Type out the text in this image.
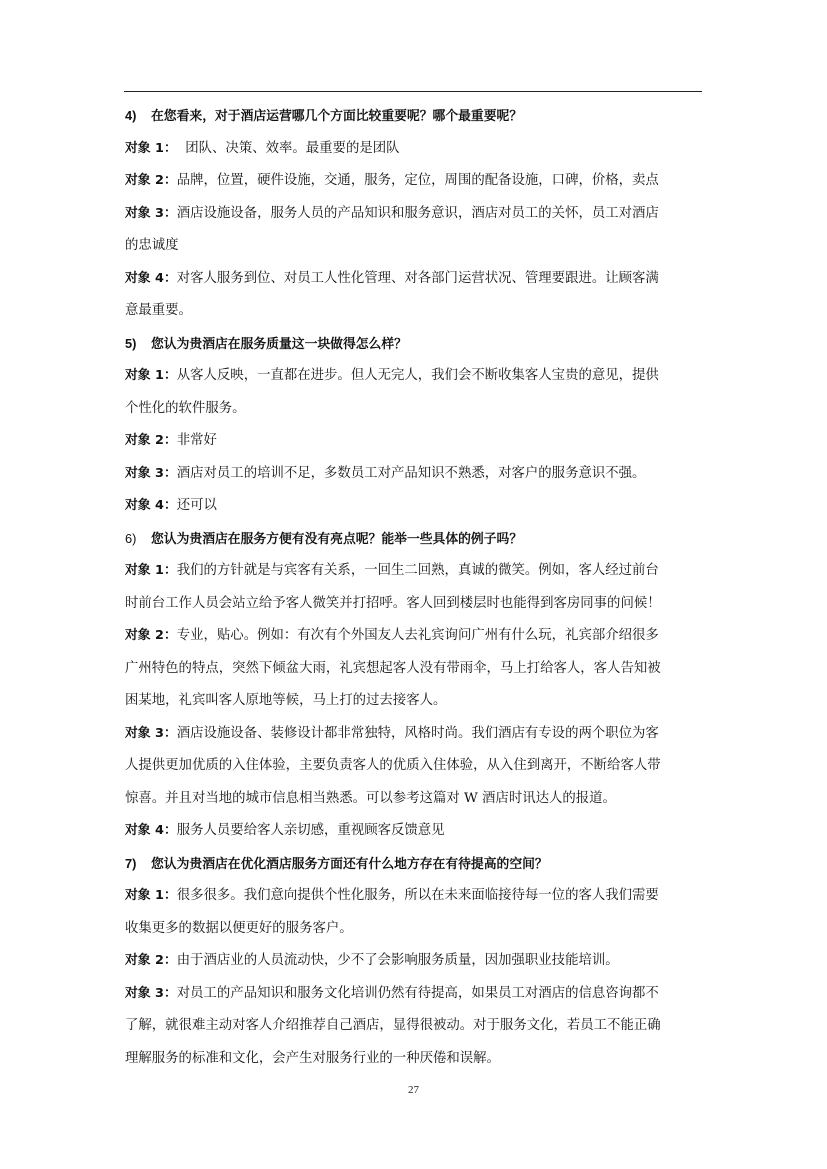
4) 在您看来，对于酒店运营哪几个方面比较重要呢？哪个最重要呢？
对象 1：  团队、决策、效率。最重要的是团队
对象 2：品牌，位置，硬件设施，交通，服务，定位，周围的配备设施，口碑，价格，卖点
对象 3：酒店设施设备，服务人员的产品知识和服务意识，酒店对员工的关怀，员工对酒店
的忠诚度
对象 4：对客人服务到位、对员工人性化管理、对各部门运营状况、管理要跟进。让顾客满
意最重要。
5) 您认为贵酒店在服务质量这一块做得怎么样？
对象 1：从客人反映，一直都在进步。但人无完人，我们会不断收集客人宝贵的意见，提供
个性化的软件服务。
对象 2：非常好
对象 3：酒店对员工的培训不足，多数员工对产品知识不熟悉，对客户的服务意识不强。
对象 4：还可以
6) 您认为贵酒店在服务方便有没有亮点呢？能举一些具体的例子吗？
对象 1：我们的方针就是与宾客有关系，一回生二回熟，真诚的微笑。例如，客人经过前台
时前台工作人员会站立给予客人微笑并打招呼。客人回到楼层时也能得到客房同事的问候！
对象 2：专业，贴心。例如：有次有个外国友人去礼宾询问广州有什么玩，礼宾部介绍很多
广州特色的特点，突然下倾盆大雨，礼宾想起客人没有带雨伞，马上打给客人，客人告知被
困某地，礼宾叫客人原地等候，马上打的过去接客人。
对象 3：酒店设施设备、装修设计都非常独特，风格时尚。我们酒店有专设的两个职位为客
人提供更加优质的入住体验，主要负责客人的优质入住体验，从入住到离开，不断给客人带
惊喜。并且对当地的城市信息相当熟悉。可以参考这篇对 W 酒店时讯达人的报道。
对象 4：服务人员要给客人亲切感，重视顾客反馈意见
7) 您认为贵酒店在优化酒店服务方面还有什么地方存在有待提高的空间？
对象 1：很多很多。我们意向提供个性化服务，所以在未来面临接待每一位的客人我们需要
收集更多的数据以便更好的服务客户。
对象 2：由于酒店业的人员流动快，少不了会影响服务质量，因加强职业技能培训。
对象 3：对员工的产品知识和服务文化培训仍然有待提高，如果员工对酒店的信息咨询都不
了解，就很难主动对客人介绍推荐自己酒店，显得很被动。对于服务文化，若员工不能正确
理解服务的标准和文化，会产生对服务行业的一种厌倦和误解。
27
